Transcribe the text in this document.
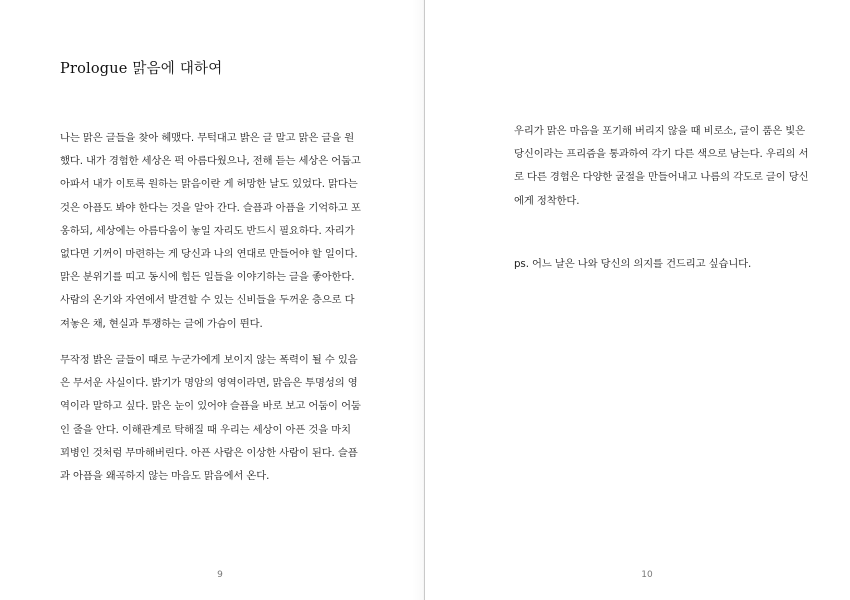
Prologue 맑음에 대하여
나는 맑은 글들을 찾아 헤맸다. 무턱대고 밝은 글 말고 맑은 글을 원
했다. 내가 경험한 세상은 퍽 아름다웠으나, 전해 듣는 세상은 어둡고
아파서 내가 이토록 원하는 맑음이란 게 허망한 날도 있었다. 맑다는
것은 아픔도 봐야 한다는 것을 알아 간다. 슬픔과 아픔을 기억하고 포
옹하되, 세상에는 아름다움이 놓일 자리도 반드시 필요하다. 자리가
없다면 기꺼이 마련하는 게 당신과 나의 연대로 만들어야 할 일이다.
맑은 분위기를 띠고 동시에 힘든 일들을 이야기하는 글을 좋아한다.
사람의 온기와 자연에서 발견할 수 있는 신비들을 두꺼운 층으로 다
져놓은 채, 현실과 투쟁하는 글에 가슴이 뛴다.
무작정 밝은 글들이 때로 누군가에게 보이지 않는 폭력이 될 수 있음
은 무서운 사실이다. 밝기가 명암의 영역이라면, 맑음은 투명성의 영
역이라 말하고 싶다. 맑은 눈이 있어야 슬픔을 바로 보고 어둠이 어둠
인 줄을 안다. 이해관계로 탁해질 때 우리는 세상이 아픈 것을 마치
꾀병인 것처럼 무마해버린다. 아픈 사람은 이상한 사람이 된다. 슬픔
과 아픔을 왜곡하지 않는 마음도 맑음에서 온다.
9
우리가 맑은 마음을 포기해 버리지 않을 때 비로소, 글이 품은 빛은
당신이라는 프리즘을 통과하여 각기 다른 색으로 남는다. 우리의 서
로 다른 경험은 다양한 굴절을 만들어내고 나름의 각도로 글이 당신
에게 정착한다.
ps. 어느 날은 나와 당신의 의지를 건드리고 싶습니다.
10
